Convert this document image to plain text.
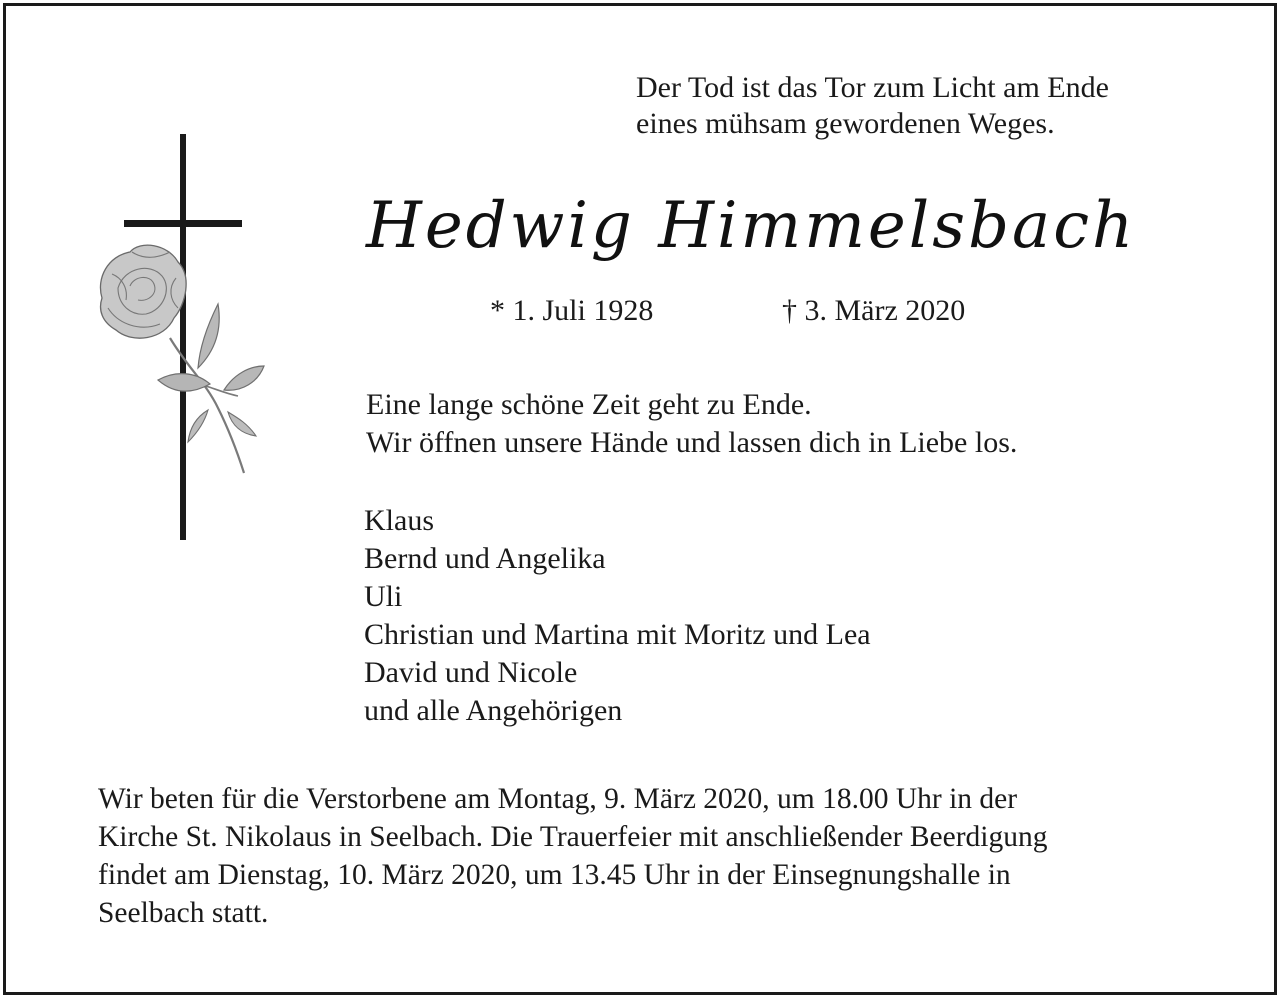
Der Tod ist das Tor zum Licht am Ende
eines mühsam gewordenen Weges.
Hedwig Himmelsbach
* 1. Juli 1928	† 3. März 2020
Eine lange schöne Zeit geht zu Ende.
Wir öffnen unsere Hände und lassen dich in Liebe los.
Klaus
Bernd und Angelika
Uli
Christian und Martina mit Moritz und Lea
David und Nicole
und alle Angehörigen
Wir beten für die Verstorbene am Montag, 9. März 2020, um 18.00 Uhr in der
Kirche St. Nikolaus in Seelbach. Die Trauerfeier mit anschließender Beerdigung
findet am Dienstag, 10. März 2020, um 13.45 Uhr in der Einsegnungshalle in
Seelbach statt.
